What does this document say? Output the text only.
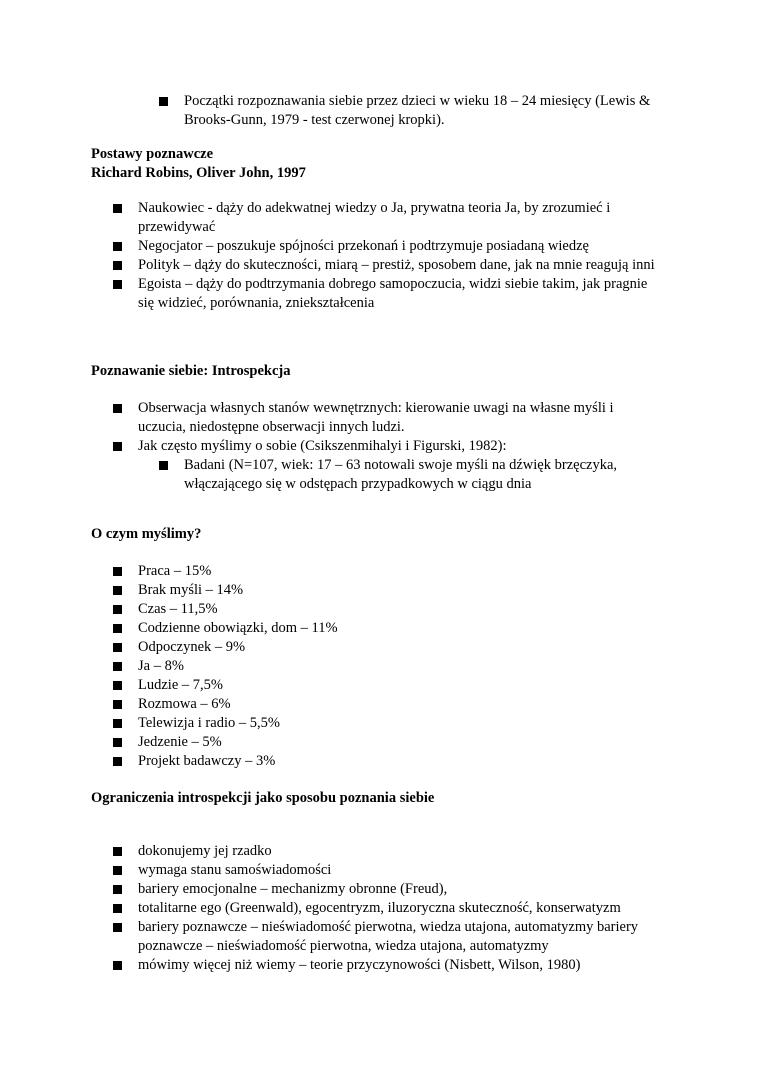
Początki rozpoznawania siebie przez dzieci w wieku 18 – 24 miesięcy (Lewis & Brooks-Gunn, 1979 - test czerwonej kropki).
Postawy poznawcze
Richard Robins, Oliver John, 1997
Naukowiec - dąży do adekwatnej wiedzy o Ja, prywatna teoria Ja, by zrozumieć i przewidywać
Negocjator – poszukuje spójności przekonań i podtrzymuje posiadaną wiedzę
Polityk – dąży do skuteczności, miarą – prestiż, sposobem dane, jak na mnie reagują inni
Egoista – dąży do podtrzymania dobrego samopoczucia, widzi siebie takim, jak pragnie się widzieć, porównania, zniekształcenia
Poznawanie siebie: Introspekcja
Obserwacja własnych stanów wewnętrznych: kierowanie uwagi na własne myśli i uczucia, niedostępne obserwacji innych ludzi.
Jak często myślimy o sobie (Csikszenmihalyi i Figurski, 1982):
Badani (N=107, wiek: 17 – 63 notowali swoje myśli na dźwięk brzęczyka, włączającego się w odstępach przypadkowych w ciągu dnia
O czym myślimy?
Praca – 15%
Brak myśli – 14%
Czas – 11,5%
Codzienne obowiązki, dom – 11%
Odpoczynek – 9%
Ja – 8%
Ludzie – 7,5%
Rozmowa – 6%
Telewizja i radio – 5,5%
Jedzenie – 5%
Projekt badawczy – 3%
Ograniczenia introspekcji jako sposobu poznania siebie
dokonujemy jej rzadko
wymaga stanu samoświadomości
bariery emocjonalne – mechanizmy obronne (Freud),
totalitarne ego (Greenwald), egocentryzm, iluzoryczna skuteczność, konserwatyzm
bariery poznawcze – nieświadomość pierwotna, wiedza utajona, automatyzmy bariery poznawcze – nieświadomość pierwotna, wiedza utajona, automatyzmy
mówimy więcej niż wiemy – teorie przyczynowości (Nisbett, Wilson, 1980)
